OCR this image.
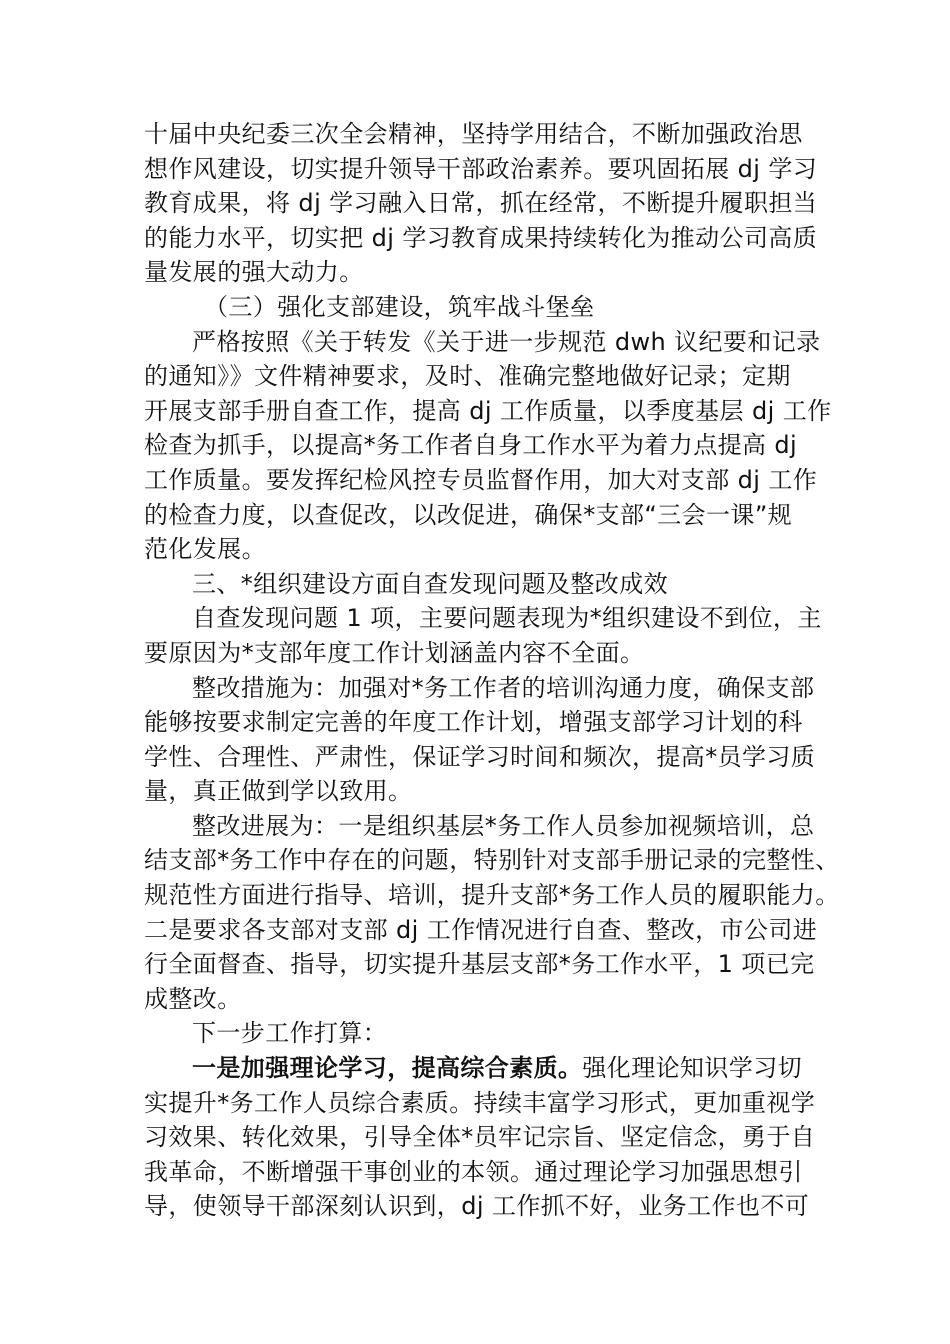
十届中央纪委三次全会精神，坚持学用结合，不断加强政治思
想作风建设，切实提升领导干部政治素养。要巩固拓展 dj 学习
教育成果，将 dj 学习融入日常，抓在经常，不断提升履职担当
的能力水平，切实把 dj 学习教育成果持续转化为推动公司高质
量发展的强大动力。
（三）强化支部建设，筑牢战斗堡垒
严格按照《关于转发《关于进一步规范 dwh 议纪要和记录
的通知》》文件精神要求，及时、准确完整地做好记录；定期
开展支部手册自查工作，提高 dj 工作质量，以季度基层 dj 工作
检查为抓手，以提高*务工作者自身工作水平为着力点提高 dj
工作质量。要发挥纪检风控专员监督作用，加大对支部 dj 工作
的检查力度，以查促改，以改促进，确保*支部“三会一课”规
范化发展。
三、*组织建设方面自查发现问题及整改成效
自查发现问题 1 项，主要问题表现为*组织建设不到位，主
要原因为*支部年度工作计划涵盖内容不全面。
整改措施为：加强对*务工作者的培训沟通力度，确保支部
能够按要求制定完善的年度工作计划，增强支部学习计划的科
学性、合理性、严肃性，保证学习时间和频次，提高*员学习质
量，真正做到学以致用。
整改进展为：一是组织基层*务工作人员参加视频培训，总
结支部*务工作中存在的问题，特别针对支部手册记录的完整性、
规范性方面进行指导、培训，提升支部*务工作人员的履职能力。
二是要求各支部对支部 dj 工作情况进行自查、整改，市公司进
行全面督查、指导，切实提升基层支部*务工作水平，1 项已完
成整改。
下一步工作打算：
一是加强理论学习，提高综合素质。强化理论知识学习切
实提升*务工作人员综合素质。持续丰富学习形式，更加重视学
习效果、转化效果，引导全体*员牢记宗旨、坚定信念，勇于自
我革命，不断增强干事创业的本领。通过理论学习加强思想引
导，使领导干部深刻认识到，dj 工作抓不好，业务工作也不可
